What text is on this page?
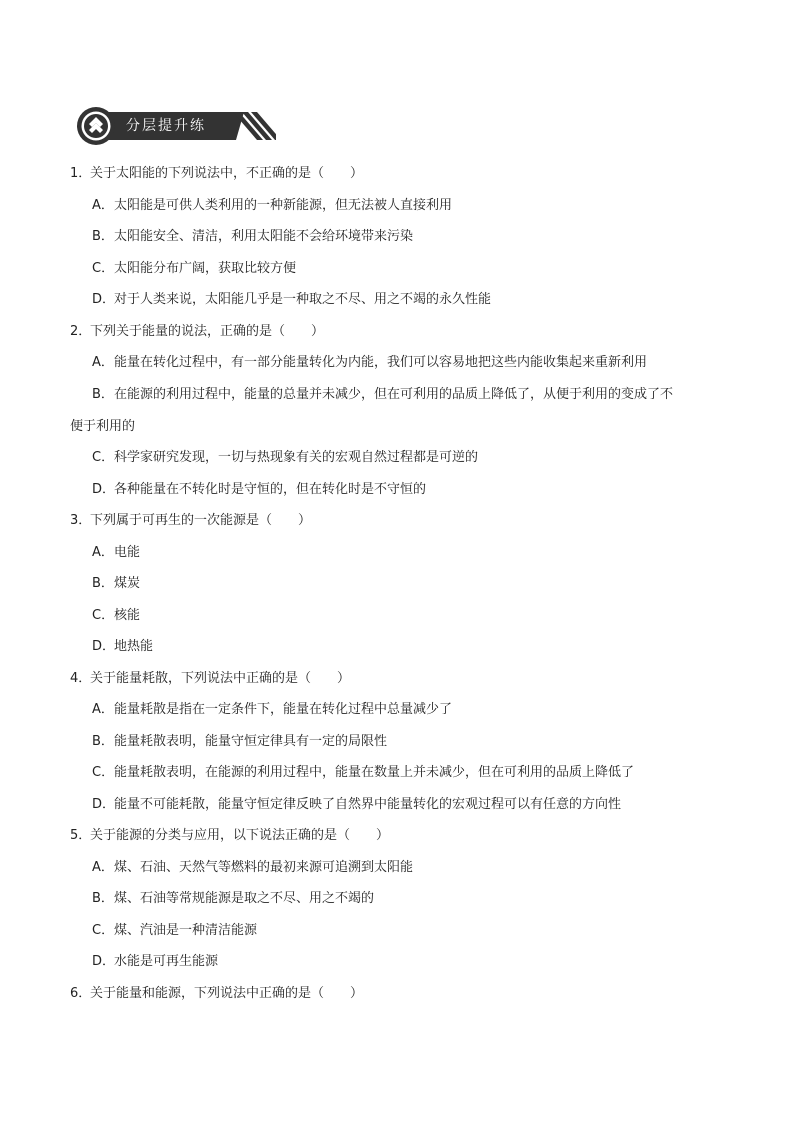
分层提升练
1．关于太阳能的下列说法中，不正确的是（　　）
A．太阳能是可供人类利用的一种新能源，但无法被人直接利用
B．太阳能安全、清洁，利用太阳能不会给环境带来污染
C．太阳能分布广阔，获取比较方便
D．对于人类来说，太阳能几乎是一种取之不尽、用之不竭的永久性能
2．下列关于能量的说法，正确的是（　　）
A．能量在转化过程中，有一部分能量转化为内能，我们可以容易地把这些内能收集起来重新利用
B．在能源的利用过程中，能量的总量并未减少，但在可利用的品质上降低了，从便于利用的变成了不
便于利用的
C．科学家研究发现，一切与热现象有关的宏观自然过程都是可逆的
D．各种能量在不转化时是守恒的，但在转化时是不守恒的
3．下列属于可再生的一次能源是（　　）
A．电能
B．煤炭
C．核能
D．地热能
4．关于能量耗散，下列说法中正确的是（　　）
A．能量耗散是指在一定条件下，能量在转化过程中总量减少了
B．能量耗散表明，能量守恒定律具有一定的局限性
C．能量耗散表明，在能源的利用过程中，能量在数量上并未减少，但在可利用的品质上降低了
D．能量不可能耗散，能量守恒定律反映了自然界中能量转化的宏观过程可以有任意的方向性
5．关于能源的分类与应用，以下说法正确的是（　　）
A．煤、石油、天然气等燃料的最初来源可追溯到太阳能
B．煤、石油等常规能源是取之不尽、用之不竭的
C．煤、汽油是一种清洁能源
D．水能是可再生能源
6．关于能量和能源，下列说法中正确的是（　　）
